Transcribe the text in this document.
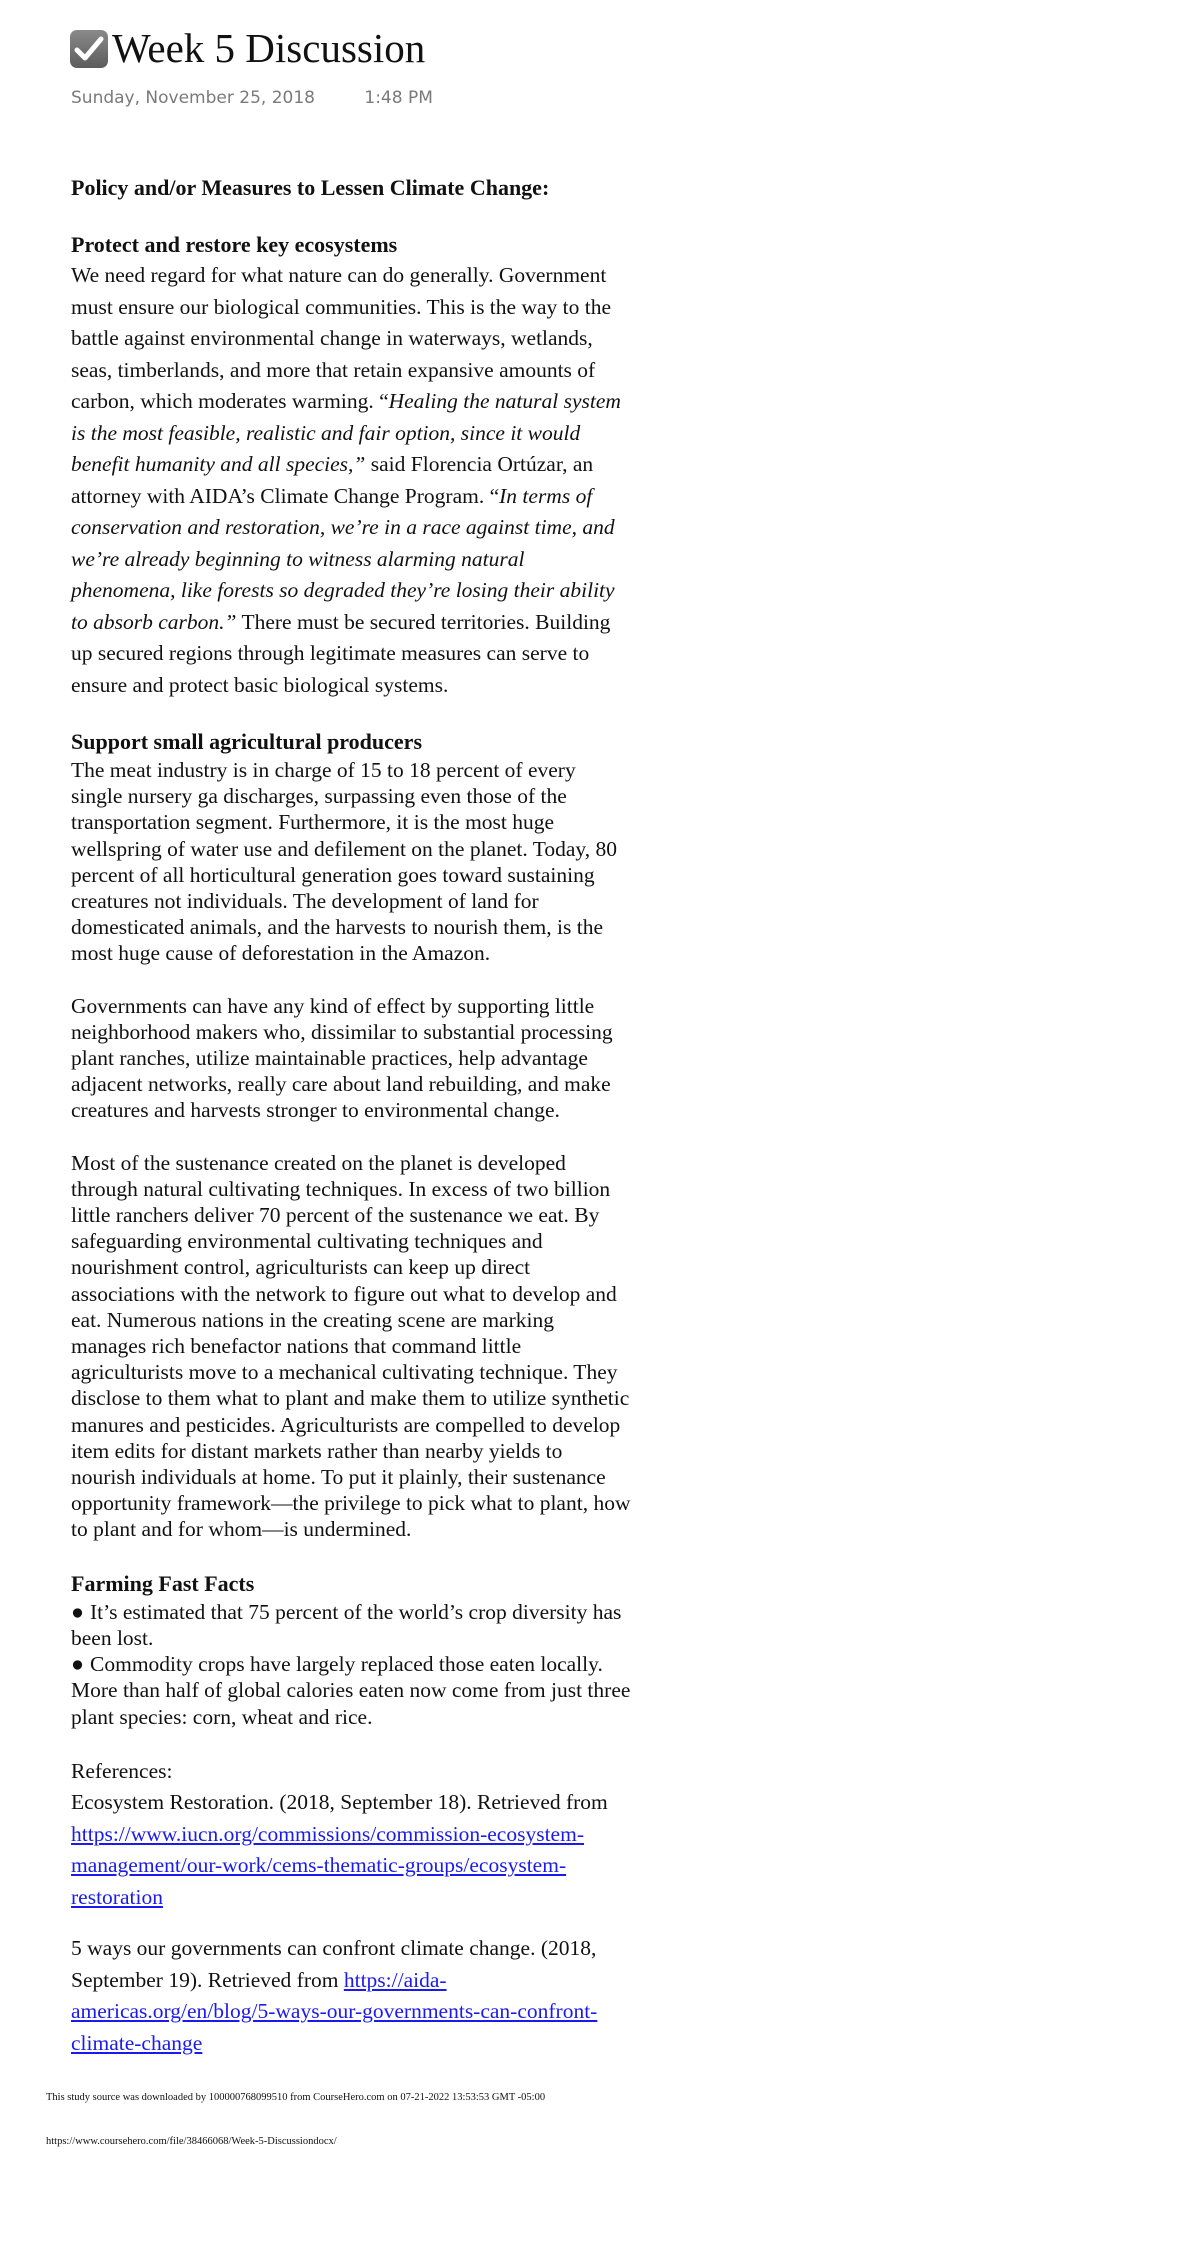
Week 5 Discussion
Sunday, November 25, 2018	1:48 PM
Policy and/or Measures to Lessen Climate Change:
Protect and restore key ecosystems

We need regard for what nature can do generally. Government must ensure our biological communities. This is the way to the battle against environmental change in waterways, wetlands, seas, timberlands, and more that retain expansive amounts of carbon, which moderates warming. “Healing the natural system is the most feasible, realistic and fair option, since it would benefit humanity and all species,” said Florencia Ortúzar, an attorney with AIDA’s Climate Change Program. “In terms of conservation and restoration, we’re in a race against time, and we’re already beginning to witness alarming natural phenomena, like forests so degraded they’re losing their ability to absorb carbon.” There must be secured territories. Building up secured regions through legitimate measures can serve to ensure and protect basic biological systems.

Support small agricultural producers

The meat industry is in charge of 15 to 18 percent of every single nursery ga discharges, surpassing even those of the transportation segment. Furthermore, it is the most huge wellspring of water use and defilement on the planet. Today, 80 percent of all horticultural generation goes toward sustaining creatures not individuals. The development of land for domesticated animals, and the harvests to nourish them, is the most huge cause of deforestation in the Amazon.

Governments can have any kind of effect by supporting little neighborhood makers who, dissimilar to substantial processing plant ranches, utilize maintainable practices, help advantage adjacent networks, really care about land rebuilding, and make creatures and harvests stronger to environmental change.

Most of the sustenance created on the planet is developed through natural cultivating techniques. In excess of two billion little ranchers deliver 70 percent of the sustenance we eat. By safeguarding environmental cultivating techniques and nourishment control, agriculturists can keep up direct associations with the network to figure out what to develop and eat. Numerous nations in the creating scene are marking manages rich benefactor nations that command little agriculturists move to a mechanical cultivating technique. They disclose to them what to plant and make them to utilize synthetic manures and pesticides. Agriculturists are compelled to develop item edits for distant markets rather than nearby yields to nourish individuals at home. To put it plainly, their sustenance opportunity framework—the privilege to pick what to plant, how to plant and for whom—is undermined.

Farming Fast Facts

● It’s estimated that 75 percent of the world’s crop diversity has been lost.

● Commodity crops have largely replaced those eaten locally. More than half of global calories eaten now come from just three plant species: corn, wheat and rice.

References:

Ecosystem Restoration. (2018, September 18). Retrieved from https://www.iucn.org/commissions/commission-ecosystem-management/our-work/cems-thematic-groups/ecosystem-restoration

5 ways our governments can confront climate change. (2018, September 19). Retrieved from https://aida-americas.org/en/blog/5-ways-our-governments-can-confront-climate-change

This study source was downloaded by 100000768099510 from CourseHero.com on 07-21-2022 13:53:53 GMT -05:00
https://www.coursehero.com/file/38466068/Week-5-Discussiondocx/
